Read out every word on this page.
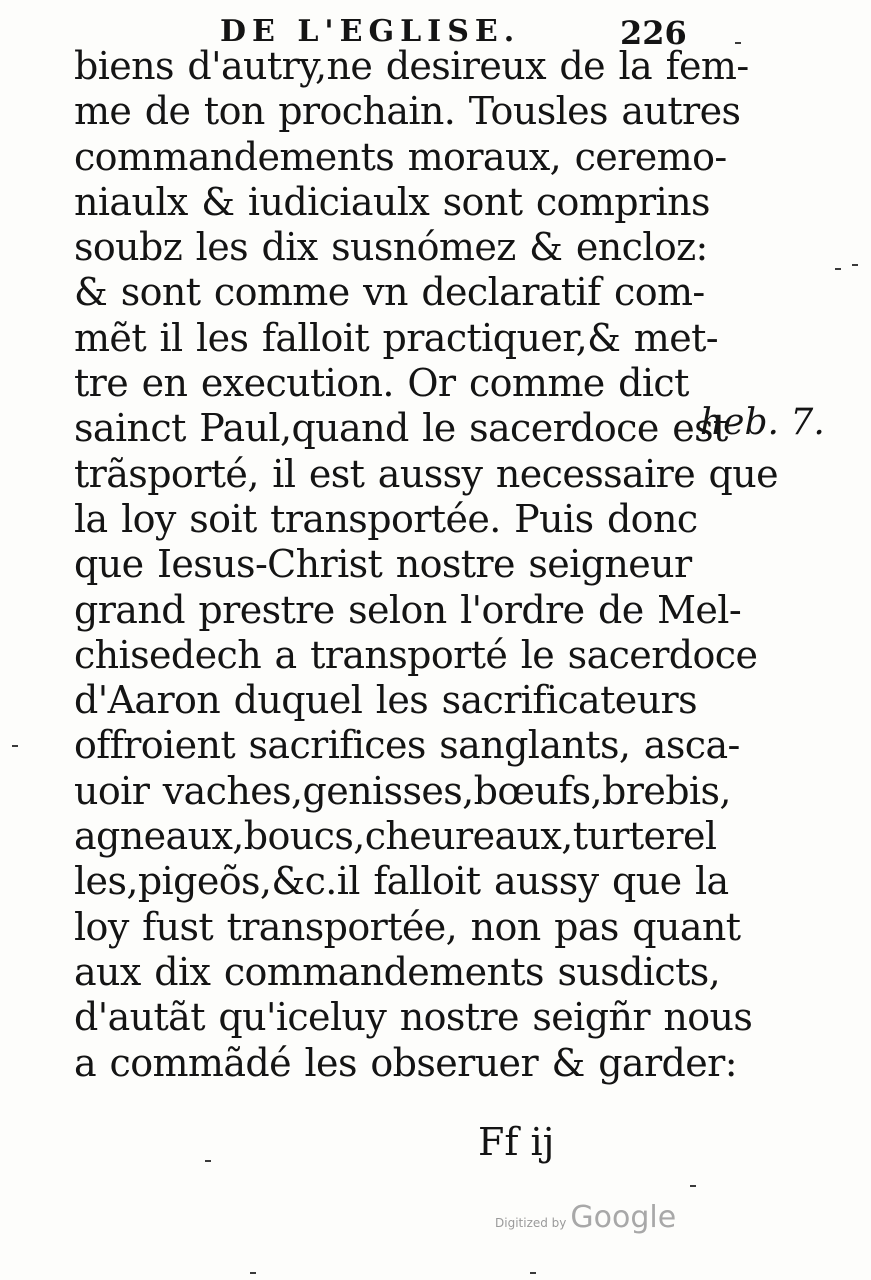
DE L'EGLISE.	226
biens d'autry,ne desireux de la fem-
me de ton prochain. Tousles autres
commandements moraux, ceremo-
niaulx & iudiciaulx sont comprins
soubz les dix susnómez & encloz:
& sont comme vn declaratif com-
mẽt il les falloit practiquer,& met-
tre en execution. Or comme dict
sainct Paul,quand le sacerdoce est
trãsporté, il est aussy necessaire que
la loy soit transportée. Puis donc
que Iesus-Christ nostre seigneur
grand prestre selon l'ordre de Mel-
chisedech a transporté le sacerdoce
d'Aaron duquel les sacrificateurs
offroient sacrifices sanglants, asca-
uoir vaches,genisses,bœufs,brebis,
agneaux,boucs,cheureaux,turterel
les,pigeõs,&c.il falloit aussy que la
loy fust transportée, non pas quant
aux dix commandements susdicts,
d'autãt qu'iceluy nostre seigñr nous
a commãdé les obseruer & garder:
heb. 7.
Ff ij
Digitized by Google
